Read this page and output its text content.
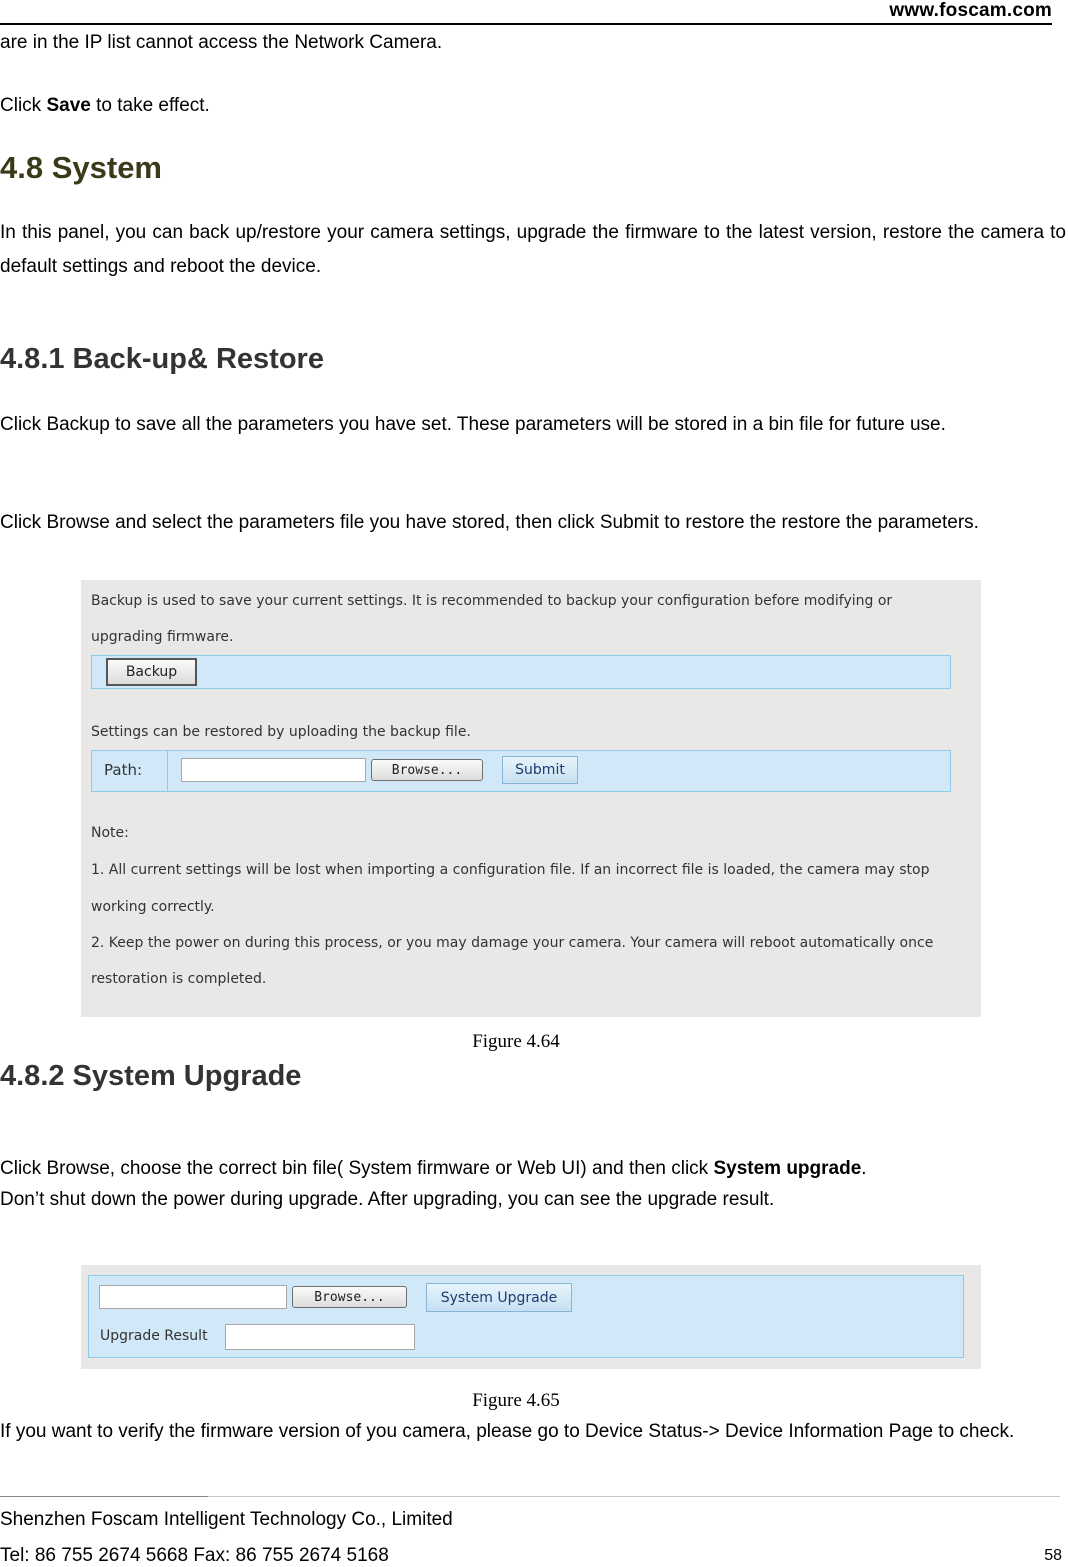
www.foscam.com
are in the IP list cannot access the Network Camera.
Click Save to take effect.
4.8 System
In this panel, you can back up/restore your camera settings, upgrade the firmware to the latest version, restore the camera to default settings and reboot the device.
4.8.1 Back-up& Restore
Click Backup to save all the parameters you have set. These parameters will be stored in a bin file for future use.
Click Browse and select the parameters file you have stored, then click Submit to restore the restore the parameters.
Backup is used to save your current settings. It is recommended to backup your configuration before modifying or
upgrading firmware.
Backup
Settings can be restored by uploading the backup file.
Path:	Browse...	Submit
Note:
1. All current settings will be lost when importing a configuration file. If an incorrect file is loaded, the camera may stop
working correctly.
2. Keep the power on during this process, or you may damage your camera. Your camera will reboot automatically once
restoration is completed.
Figure 4.64
4.8.2 System Upgrade
Click Browse, choose the correct bin file( System firmware or Web UI) and then click System upgrade.
Don’t shut down the power during upgrade. After upgrading, you can see the upgrade result.
Browse...	System Upgrade
Upgrade Result
Figure 4.65
If you want to verify the firmware version of you camera, please go to Device Status-> Device Information Page to check.
Shenzhen Foscam Intelligent Technology Co., Limited
Tel: 86 755 2674 5668 Fax: 86 755 2674 5168	58
